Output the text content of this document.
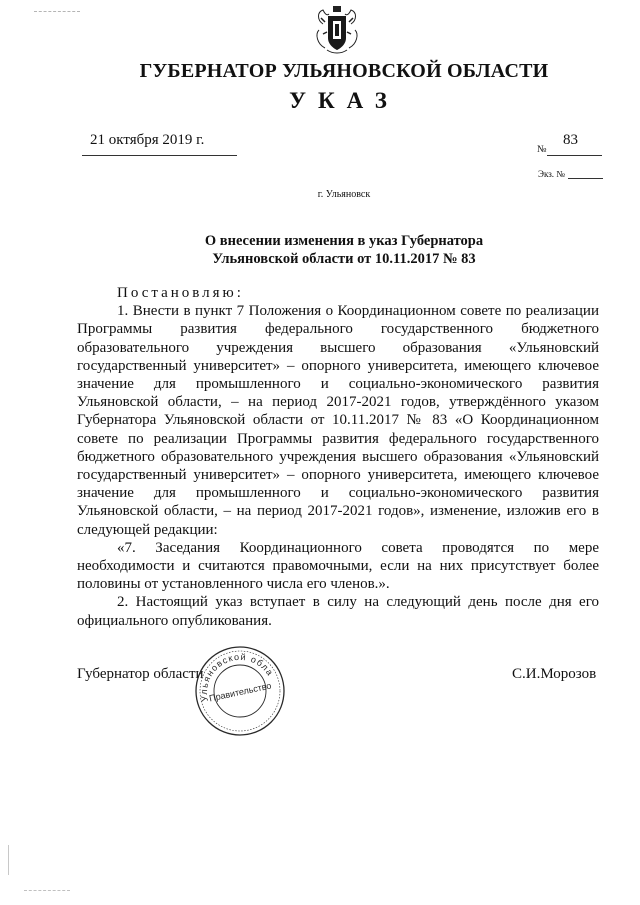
ГУБЕРНАТОР УЛЬЯНОВСКОЙ ОБЛАСТИ
УКАЗ
21 октября 2019 г.
№
83
Экз. №
г. Ульяновск
О внесении изменения в указ Губернатора
Ульяновской области от 10.11.2017 № 83

Постановляю:

1. Внести в пункт 7 Положения о Координационном совете по реализации Программы развития федерального государственного бюджетного образовательного учреждения высшего образования «Ульяновский государственный университет» – опорного университета, имеющего ключевое значение для промышленного и социально-экономического развития Ульяновской области, – на период 2017-2021 годов, утверждённого указом Губернатора Ульяновской области от 10.11.2017 № 83 «О Координационном совете по реализации Программы развития федерального государственного бюджетного образовательного учреждения высшего образования «Ульяновский государственный университет» – опорного университета, имеющего ключевое значение для промышленного и социально-экономического развития Ульяновской области, – на период 2017-2021 годов», изменение, изложив его в следующей редакции:

«7. Заседания Координационного совета проводятся по мере необходимости и считаются правомочными, если на них присутствует более половины от установленного числа его членов.».

2. Настоящий указ вступает в силу на следующий день после дня его официального опубликования.

Губернатор области	С.И.Морозов
Ульяновской обла
Правительство
